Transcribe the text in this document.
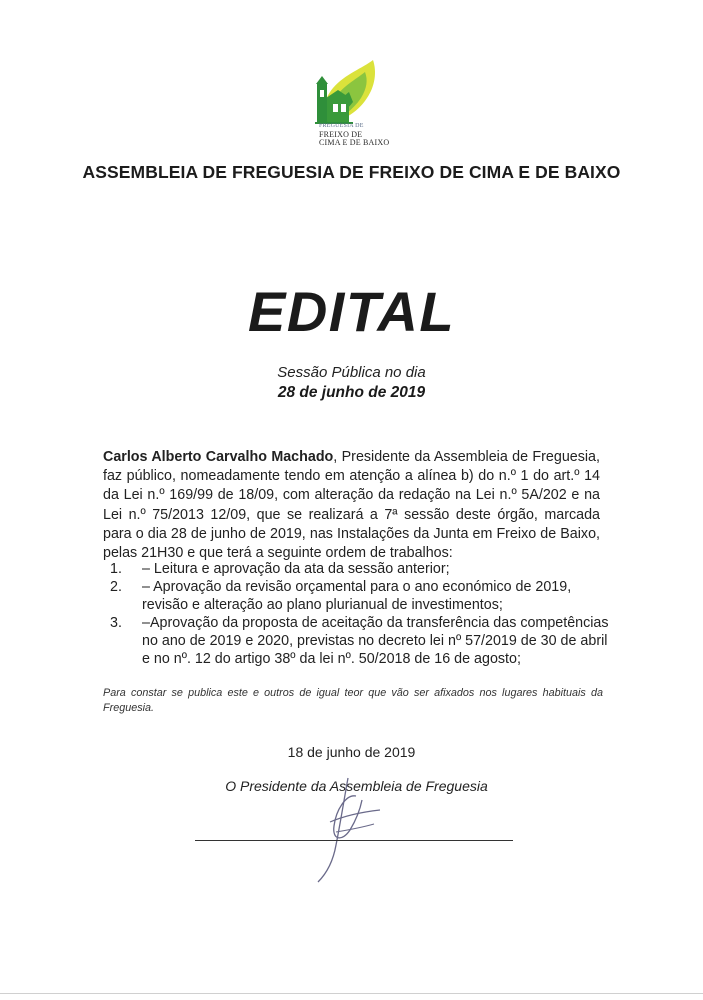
FREGUESIA DE
FREIXO DE
CIMA E DE BAIXO
ASSEMBLEIA DE FREGUESIA DE FREIXO DE CIMA E DE BAIXO
EDITAL
Sessão Pública no dia
28 de junho de 2019
Carlos Alberto Carvalho Machado, Presidente da Assembleia de Freguesia, faz público, nomeadamente tendo em atenção a alínea b) do n.º 1 do art.º 14 da Lei n.º 169/99 de 18/09, com alteração da redação na Lei n.º 5A/202 e na Lei n.º 75/2013 12/09, que se realizará a 7ª sessão deste órgão, marcada para o dia 28 de junho de 2019, nas Instalações da Junta em Freixo de Baixo, pelas 21H30 e que terá a seguinte ordem de trabalhos:
1. – Leitura e aprovação da ata da sessão anterior;
2. – Aprovação da revisão orçamental para o ano económico de 2019, revisão e alteração ao plano plurianual de investimentos;
3. –Aprovação da proposta de aceitação da transferência das competências no ano de 2019 e 2020, previstas no decreto lei nº 57/2019 de 30 de abril e no nº. 12 do artigo 38º da lei nº. 50/2018 de 16 de agosto;
Para constar se publica este e outros de igual teor que vão ser afixados nos lugares habituais da Freguesia.
18 de junho de 2019
O Presidente da Assembleia de Freguesia
